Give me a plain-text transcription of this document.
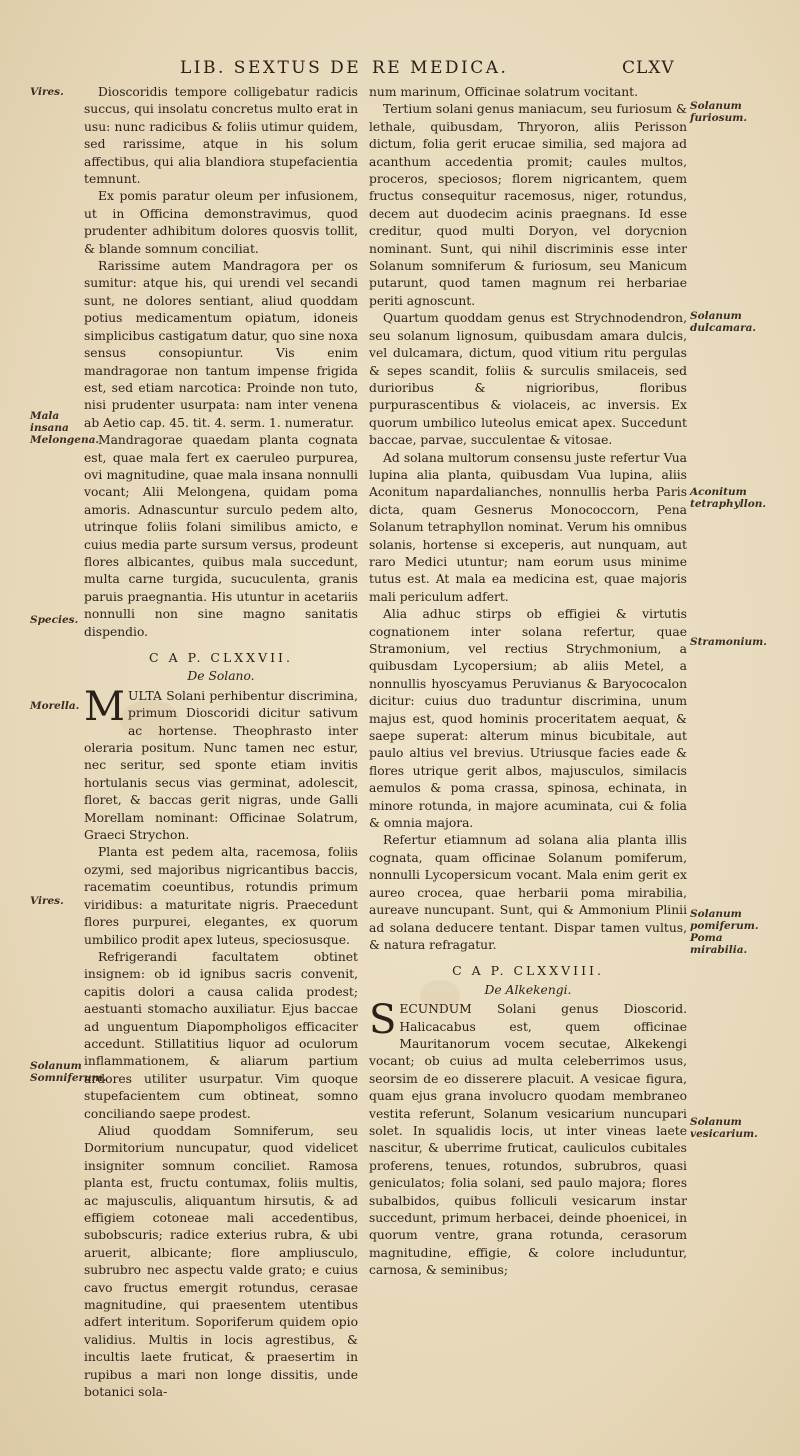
LIB. SEXTUS DE RE MEDICA.	CLXV
Vires.
Mala insana Melongena.
Species.
Morella.
Vires.
Solanum Somniferum.
Solanum furiosum.
Solanum dulcamara.
Aconitum tetraphyllon.
Stramonium.
Solanum pomiferum. Poma mirabilia.
Solanum vesicarium.

Dioscoridis tempore colligebatur radicis succus, qui insolatu concretus multo erat in usu: nunc radicibus & foliis utimur quidem, sed rarissime, atque in his solum affectibus, qui alia blandiora stupefacientia temnunt.

Ex pomis paratur oleum per infusionem, ut in Officina demonstravimus, quod prudenter adhibitum dolores quosvis tollit, & blande somnum conciliat.

Rarissime autem Mandragora per os sumitur: atque his, qui urendi vel secandi sunt, ne dolores sentiant, aliud quoddam potius medicamentum opiatum, idoneis simplicibus castigatum datur, quo sine noxa sensus consopiuntur. Vis enim mandragorae non tantum impense frigida est, sed etiam narcotica: Proinde non tuto, nisi prudenter usurpata: nam inter venena ab Aetio cap. 45. tit. 4. serm. 1. numeratur.

Mandragorae quaedam planta cognata est, quae mala fert ex caeruleo purpurea, ovi magnitudine, quae mala insana nonnulli vocant; Alii Melongena, quidam poma amoris. Adnascuntur surculo pedem alto, utrinque foliis folani similibus amicto, e cuius media parte sursum versus, prodeunt flores albicantes, quibus mala succedunt, multa carne turgida, sucuculenta, granis paruis praegnantia. His utuntur in acetariis nonnulli non sine magno sanitatis dispendio.

C A P. CLXXVII.

De Solano.

MULTA Solani perhibentur discrimina, primum Dioscoridi dicitur sativum ac hortense. Theophrasto inter oleraria positum. Nunc tamen nec estur, nec seritur, sed sponte etiam invitis hortulanis secus vias germinat, adolescit, floret, & baccas gerit nigras, unde Galli Morellam nominant: Officinae Solatrum, Graeci Strychon.

Planta est pedem alta, racemosa, foliis ozymi, sed majoribus nigricantibus baccis, racematim coeuntibus, rotundis primum viridibus: a maturitate nigris. Praecedunt flores purpurei, elegantes, ex quorum umbilico prodit apex luteus, speciosusque.

Refrigerandi facultatem obtinet insignem: ob id ignibus sacris convenit, capitis dolori a causa calida prodest; aestuanti stomacho auxiliatur. Ejus baccae ad unguentum Diapompholigos efficaciter accedunt. Stillatitius liquor ad oculorum inflammationem, & aliarum partium ardores utiliter usurpatur. Vim quoque stupefacientem cum obtineat, somno conciliando saepe prodest.

Aliud quoddam Somniferum, seu Dormitorium nuncupatur, quod videlicet insigniter somnum conciliet. Ramosa planta est, fructu contumax, foliis multis, ac majusculis, aliquantum hirsutis, & ad effigiem cotoneae mali accedentibus, subobscuris; radice exterius rubra, & ubi aruerit, albicante; flore ampliusculo, subrubro nec aspectu valde grato; e cuius cavo fructus emergit rotundus, cerasae magnitudine, qui praesentem utentibus adfert interitum. Soporiferum quidem opio validius. Multis in locis agrestibus, & incultis laete fruticat, & praesertim in rupibus a mari non longe dissitis, unde botanici sola-

num marinum, Officinae solatrum vocitant.

Tertium solani genus maniacum, seu furiosum & lethale, quibusdam, Thryoron, aliis Perisson dictum, folia gerit erucae similia, sed majora ad acanthum accedentia promit; caules multos, proceros, speciosos; florem nigricantem, quem fructus consequitur racemosus, niger, rotundus, decem aut duodecim acinis praegnans. Id esse creditur, quod multi Doryon, vel dorycnion nominant. Sunt, qui nihil discriminis esse inter Solanum somniferum & furiosum, seu Manicum putarunt, quod tamen magnum rei herbariae periti agnoscunt.

Quartum quoddam genus est Strychnodendron, seu solanum lignosum, quibusdam amara dulcis, vel dulcamara, dictum, quod vitium ritu pergulas & sepes scandit, foliis & surculis smilaceis, sed durioribus & nigrioribus, floribus purpurascentibus & violaceis, ac inversis. Ex quorum umbilico luteolus emicat apex. Succedunt baccae, parvae, succulentae & vitosae.

Ad solana multorum consensu juste refertur Vua lupina alia planta, quibusdam Vua lupina, aliis Aconitum napardalianches, nonnullis herba Paris dicta, quam Gesnerus Monococcorn, Pena Solanum tetraphyllon nominat. Verum his omnibus solanis, hortense si exceperis, aut nunquam, aut raro Medici utuntur; nam eorum usus minime tutus est. At mala ea medicina est, quae majoris mali periculum adfert.

Alia adhuc stirps ob effigiei & virtutis cognationem inter solana refertur, quae Stramonium, vel rectius Strychmonium, a quibusdam Lycopersium; ab aliis Metel, a nonnullis hyoscyamus Peruvianus & Baryococalon dicitur: cuius duo traduntur discrimina, unum majus est, quod hominis proceritatem aequat, & saepe superat: alterum minus bicubitale, aut paulo altius vel brevius. Utriusque facies eade & flores utrique gerit albos, majusculos, similacis aemulos & poma crassa, spinosa, echinata, in minore rotunda, in majore acuminata, cui & folia & omnia majora.

Refertur etiamnum ad solana alia planta illis cognata, quam officinae Solanum pomiferum, nonnulli Lycopersicum vocant. Mala enim gerit ex aureo crocea, quae herbarii poma mirabilia, aureave nuncupant. Sunt, qui & Ammonium Plinii ad solana deducere tentant. Dispar tamen vultus, & natura refragatur.

C A P. CLXXVIII.

De Alkekengi.

SECUNDUM Solani genus Dioscorid. Halicacabus est, quem officinae Mauritanorum vocem secutae, Alkekengi vocant; ob cuius ad multa celeberrimos usus, seorsim de eo disserere placuit. A vesicae figura, quam ejus grana involucro quodam membraneo vestita referunt, Solanum vesicarium nuncupari solet. In squalidis locis, ut inter vineas laete nascitur, & uberrime fruticat, cauliculos cubitales proferens, tenues, rotundos, subrubros, quasi geniculatos; folia solani, sed paulo majora; flores subalbidos, quibus folliculi vesicarum instar succedunt, primum herbacei, deinde phoenicei, in quorum ventre, grana rotunda, cerasorum magnitudine, effigie, & colore includuntur, carnosa, & seminibus;
